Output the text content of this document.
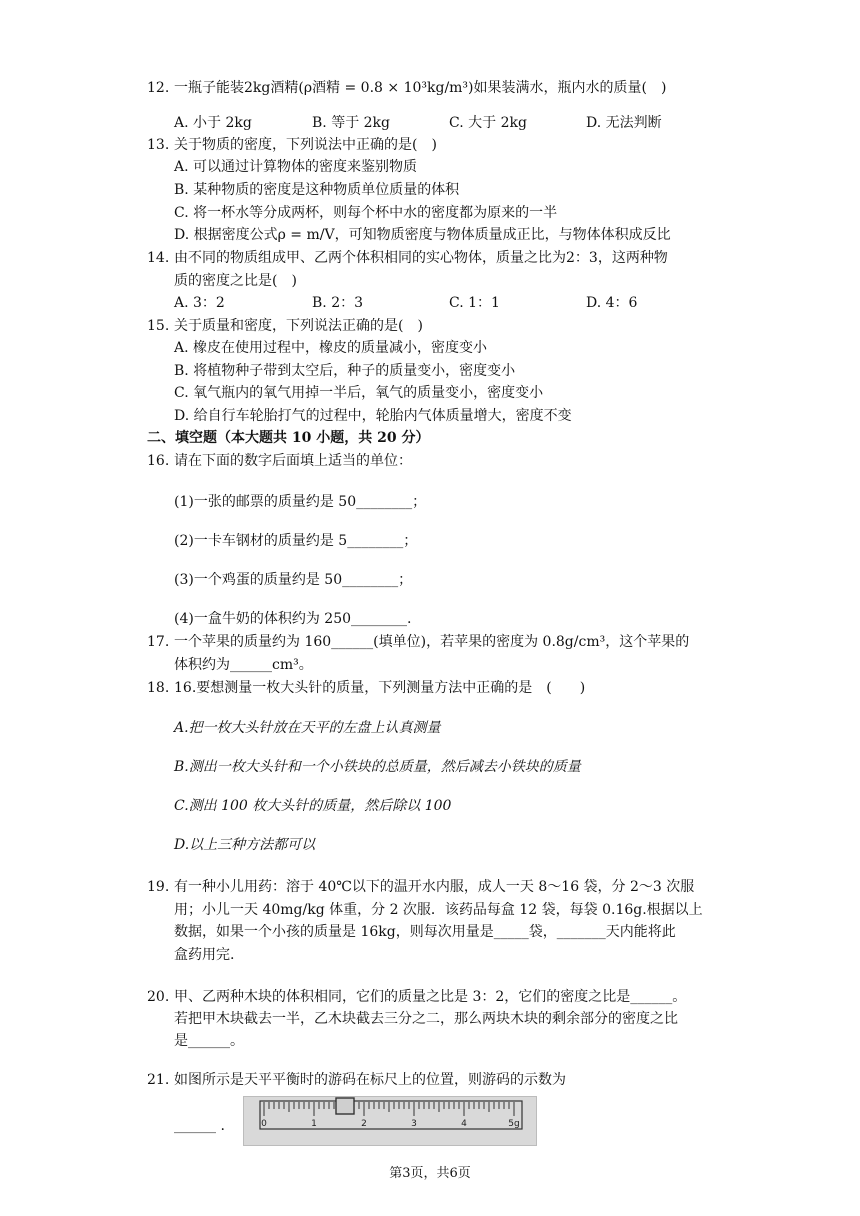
12. 一瓶子能装2kg酒精(ρ酒精 = 0.8 × 10³kg/m³)如果装满水，瓶内水的质量(　)
A. 小于 2kg	B. 等于 2kg	C. 大于 2kg	D. 无法判断
13. 关于物质的密度，下列说法中正确的是(　)
A. 可以通过计算物体的密度来鉴别物质
B. 某种物质的密度是这种物质单位质量的体积
C. 将一杯水等分成两杯，则每个杯中水的密度都为原来的一半
D. 根据密度公式ρ = m/V，可知物质密度与物体质量成正比，与物体体积成反比
14. 由不同的物质组成甲、乙两个体积相同的实心物体，质量之比为2：3，这两种物
质的密度之比是(　)
A. 3：2	B. 2：3	C. 1：1	D. 4：6
15. 关于质量和密度，下列说法正确的是(　)
A. 橡皮在使用过程中，橡皮的质量减小，密度变小
B. 将植物种子带到太空后，种子的质量变小，密度变小
C. 氧气瓶内的氧气用掉一半后，氧气的质量变小，密度变小
D. 给自行车轮胎打气的过程中，轮胎内气体质量增大，密度不变
二、填空题（本大题共 10 小题，共 20 分）
16. 请在下面的数字后面填上适当的单位：
(1)一张的邮票的质量约是 50________；
(2)一卡车钢材的质量约是 5________；
(3)一个鸡蛋的质量约是 50________；
(4)一盒牛奶的体积约为 250________.
17. 一个苹果的质量约为 160______(填单位)，若苹果的密度为 0.8g/cm³，这个苹果的
体积约为______cm³。
18. 16.要想测量一枚大头针的质量，下列测量方法中正确的是　(　　)
A.把一枚大头针放在天平的左盘上认真测量
B.测出一枚大头针和一个小铁块的总质量，然后减去小铁块的质量
C.测出 100 枚大头针的质量，然后除以 100
D.以上三种方法都可以
19. 有一种小儿用药：溶于 40℃以下的温开水内服，成人一天 8～16 袋，分 2～3 次服
用；小儿一天 40mg/kg 体重，分 2 次服．该药品每盒 12 袋，每袋 0.16g.根据以上
数据，如果一个小孩的质量是 16kg，则每次用量是_____袋，_______天内能将此
盒药用完.
20. 甲、乙两种木块的体积相同，它们的质量之比是 3：2，它们的密度之比是______。
若把甲木块截去一半，乙木块截去三分之二，那么两块木块的剩余部分的密度之比
是______。
21. 如图所示是天平平衡时的游码在标尺上的位置，则游码的示数为
______ .	0	1	2	3	4	5g
第3页，共6页
